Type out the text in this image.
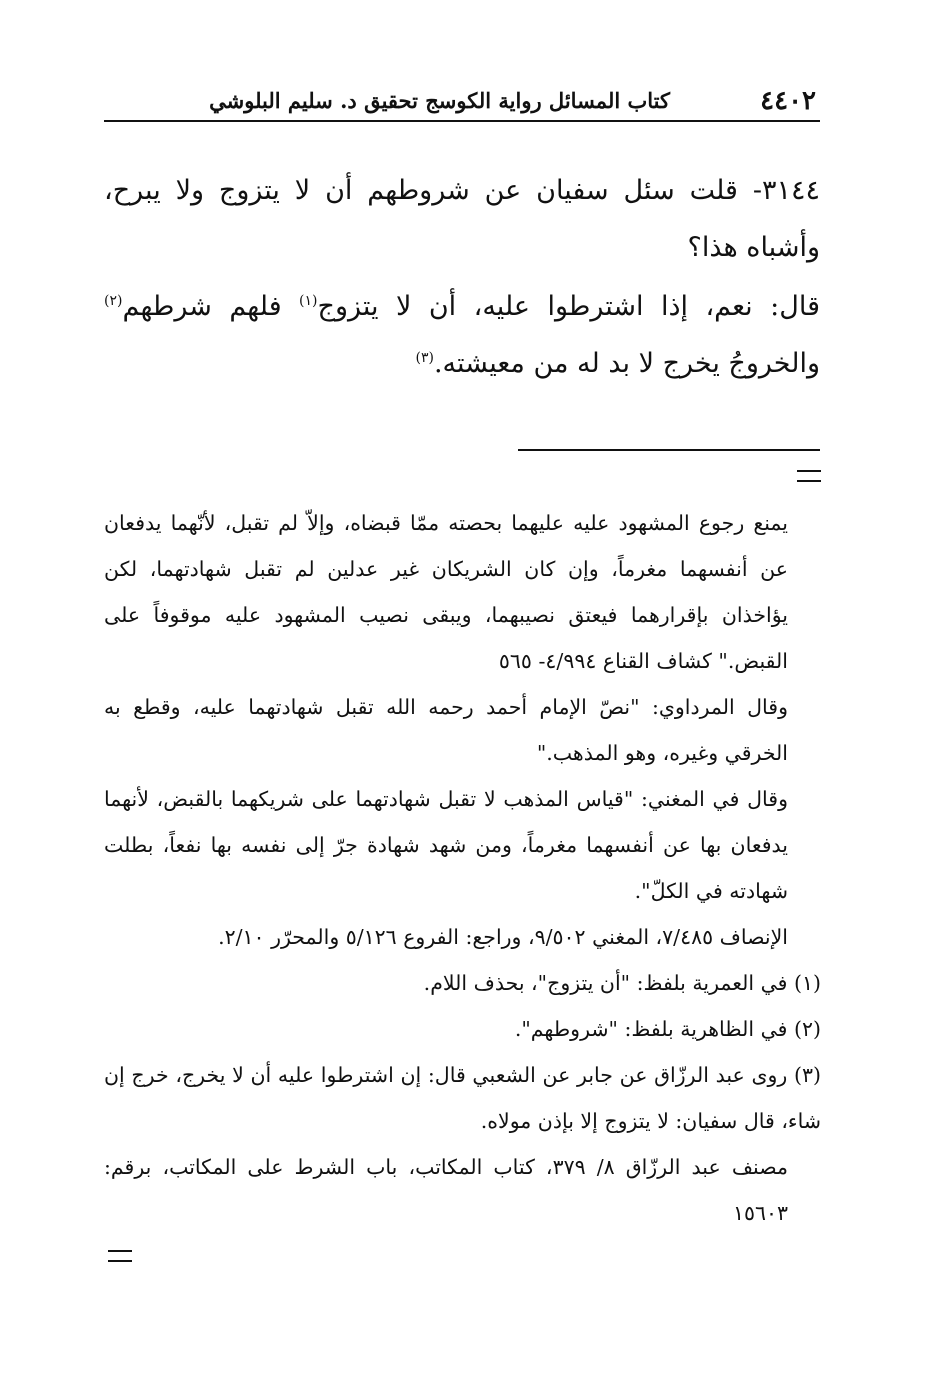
٤٤٠٢
كتاب المسائل رواية الكوسج تحقيق د. سليم البلوشي

٣١٤٤- قلت سئل سفيان عن شروطهم أن لا يتزوج ولا يبرح، وأشباه هذا؟

قال: نعم، إذا اشترطوا عليه، أن لا يتزوج$^{(١)}$ فلهم شرطهم$^{(٢)}$ والخروجُ يخرج لا بد له من معيشته.$^{(٣)}$

يمنع رجوع المشهود عليه عليهما بحصته ممّا قبضاه، وإلاّ لم تقبل، لأنّهما يدفعان عن أنفسهما مغرماً، وإن كان الشريكان غير عدلين لم تقبل شهادتهما، لكن يؤاخذان بإقرارهما فيعتق نصيبهما، ويبقى نصيب المشهود عليه موقوفاً على القبض." كشاف القناع ٤/٩٩٤- ٥٦٥

وقال المرداوي: "نصّ الإمام أحمد رحمه الله تقبل شهادتهما عليه، وقطع به الخرقي وغيره، وهو المذهب."

وقال في المغني: "قياس المذهب لا تقبل شهادتهما على شريكهما بالقبض، لأنهما يدفعان بها عن أنفسهما مغرماً، ومن شهد شهادة جرّ إلى نفسه بها نفعاً، بطلت شهادته في الكلّ".

الإنصاف ٧/٤٨٥، المغني ٩/٥٠٢، وراجع: الفروع ٥/١٢٦ والمحرّر ٢/١٠.

(١) في العمرية بلفظ: "أن يتزوج"، بحذف اللام.

(٢) في الظاهرية بلفظ: "شروطهم".

(٣) روى عبد الرزّاق عن جابر عن الشعبي قال: إن اشترطوا عليه أن لا يخرج، خرج إن شاء، قال سفيان: لا يتزوج إلا بإذن مولاه.

مصنف عبد الرزّاق ٨/ ٣٧٩، كتاب المكاتب، باب الشرط على المكاتب، برقم: ١٥٦٠٣
